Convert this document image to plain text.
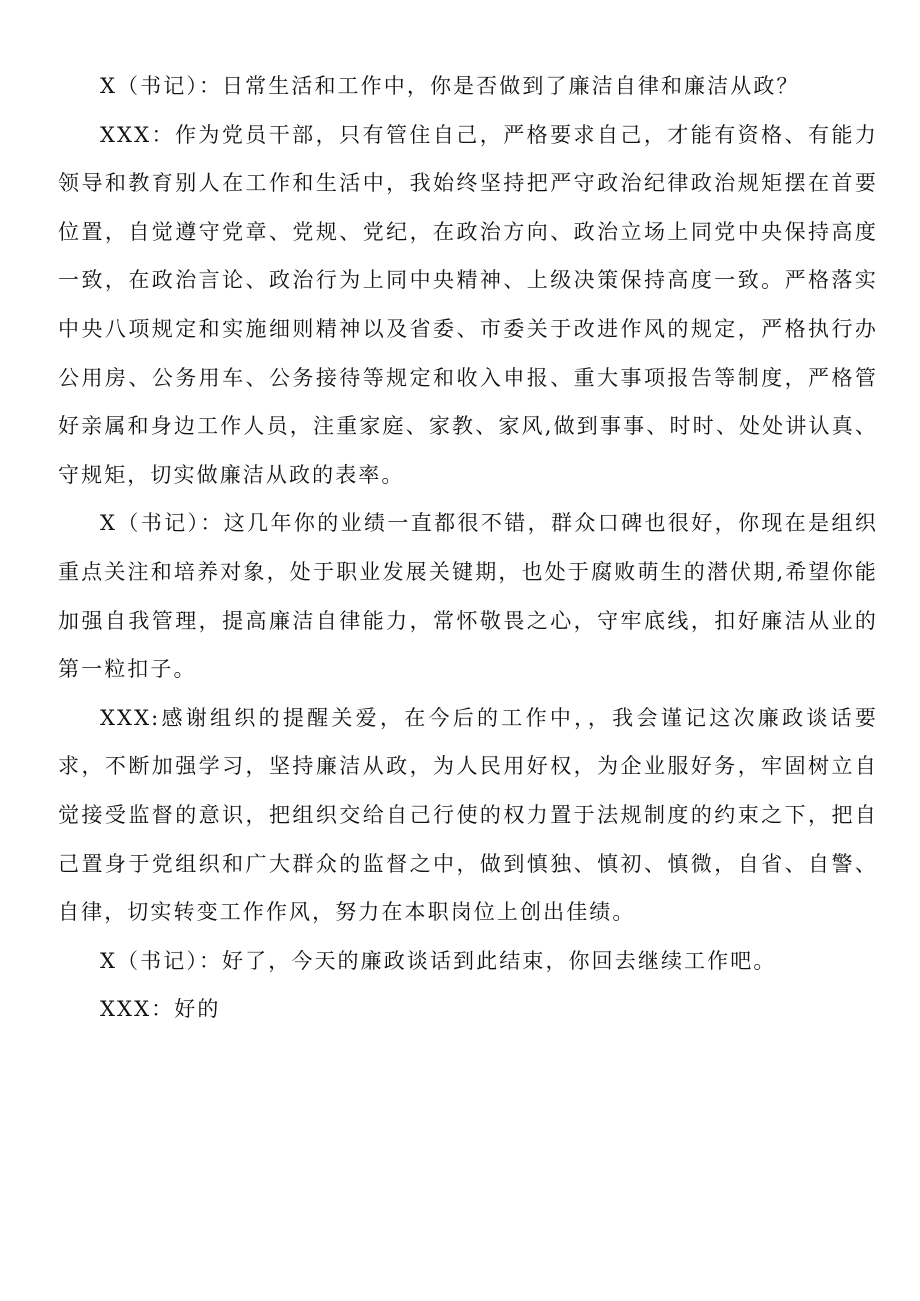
X（书记）：日常生活和工作中，你是否做到了廉洁自律和廉洁从政？

XXX：作为党员干部，只有管住自己，严格要求自己，才能有资格、有能力领导和教育别人在工作和生活中，我始终坚持把严守政治纪律政治规矩摆在首要位置，自觉遵守党章、党规、党纪，在政治方向、政治立场上同党中央保持高度一致，在政治言论、政治行为上同中央精神、上级决策保持高度一致。严格落实中央八项规定和实施细则精神以及省委、市委关于改进作风的规定，严格执行办公用房、公务用车、公务接待等规定和收入申报、重大事项报告等制度，严格管好亲属和身边工作人员，注重家庭、家教、家风,做到事事、时时、处处讲认真、守规矩，切实做廉洁从政的表率。

X（书记）：这几年你的业绩一直都很不错，群众口碑也很好，你现在是组织重点关注和培养对象，处于职业发展关键期，也处于腐败萌生的潜伏期,希望你能加强自我管理，提高廉洁自律能力，常怀敬畏之心，守牢底线，扣好廉洁从业的第一粒扣子。

XXX:感谢组织的提醒关爱，在今后的工作中，，我会谨记这次廉政谈话要求，不断加强学习，坚持廉洁从政，为人民用好权，为企业服好务，牢固树立自觉接受监督的意识，把组织交给自己行使的权力置于法规制度的约束之下，把自己置身于党组织和广大群众的监督之中，做到慎独、慎初、慎微，自省、自警、自律，切实转变工作作风，努力在本职岗位上创出佳绩。

X（书记）：好了，今天的廉政谈话到此结束，你回去继续工作吧。

XXX：好的
